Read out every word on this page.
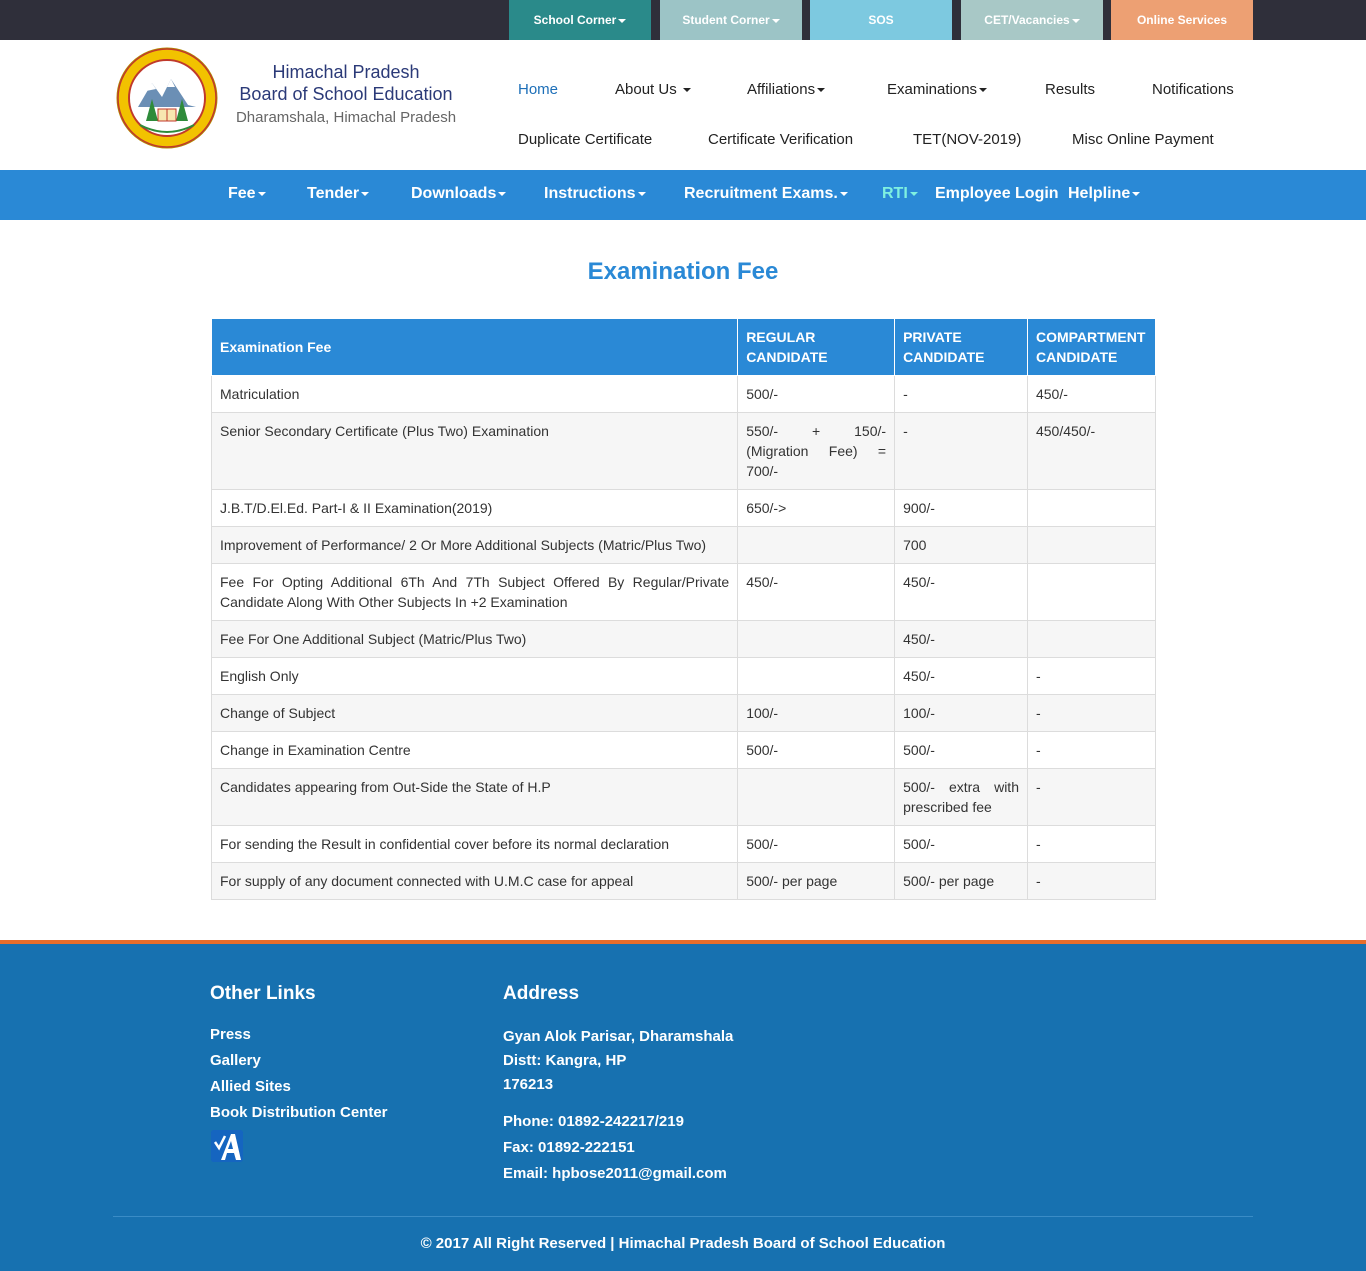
School Corner	Student Corner	SOS	CET/Vacancies	Online Services
Himachal Pradesh
Board of School Education
Dharamshala, Himachal Pradesh
Home	About Us	Affiliations	Examinations	Results	Notifications
Duplicate Certificate	Certificate Verification	TET(NOV-2019)	Misc Online Payment
Fee	Tender	Downloads	Instructions	Recruitment Exams.	RTI	Employee Login Helpline
Examination Fee
Examination Fee	REGULAR CANDIDATE	PRIVATE CANDIDATE	COMPARTMENT CANDIDATE
Matriculation	500/-	-	450/-
Senior Secondary Certificate (Plus Two) Examination	550/- + 150/- (Migration Fee) = 700/-	-	450/450/-
J.B.T/D.El.Ed. Part-I & II Examination(2019)	650/->	900/-	
Improvement of Performance/ 2 Or More Additional Subjects (Matric/Plus Two)		700	
Fee For Opting Additional 6Th And 7Th Subject Offered By Regular/Private Candidate Along With Other Subjects In +2 Examination	450/-	450/-	
Fee For One Additional Subject (Matric/Plus Two)		450/-	
English Only		450/-	-
Change of Subject	100/-	100/-	-
Change in Examination Centre	500/-	500/-	-
Candidates appearing from Out-Side the State of H.P		500/- extra with prescribed fee	-
For sending the Result in confidential cover before its normal declaration	500/-	500/-	-
For supply of any document connected with U.M.C case for appeal	500/- per page	500/- per page	-
Other Links
Press
Gallery
Allied Sites
Book Distribution Center
Address
Gyan Alok Parisar, Dharamshala
Distt: Kangra, HP
176213
Phone: 01892-242217/219
Fax: 01892-222151
Email: hpbose2011@gmail.com
© 2017 All Right Reserved | Himachal Pradesh Board of School Education
